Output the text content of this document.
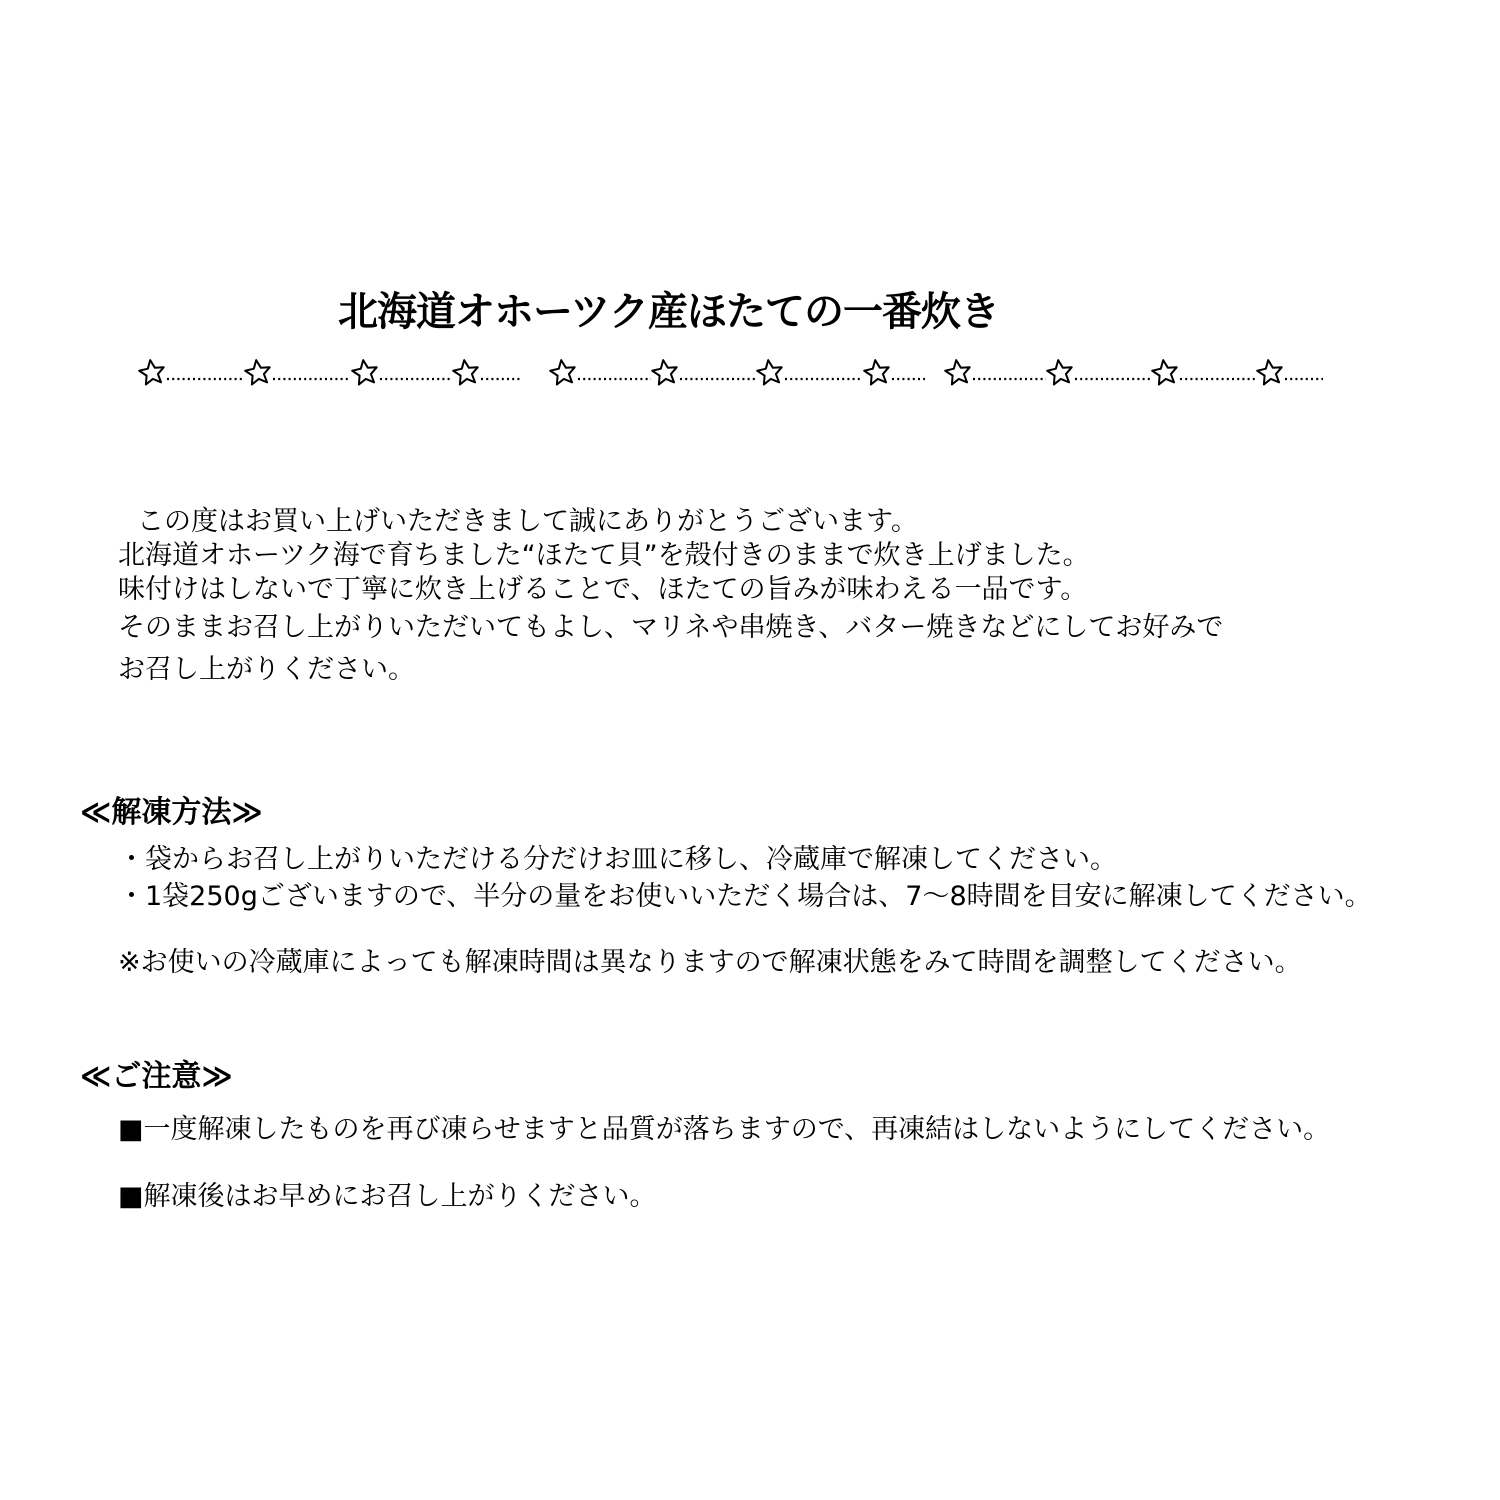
北海道オホーツク産ほたての一番炊き
この度はお買い上げいただきまして誠にありがとうございます。
北海道オホーツク海で育ちました“ほたて貝”を殻付きのままで炊き上げました。
味付けはしないで丁寧に炊き上げることで、ほたての旨みが味わえる一品です。
そのままお召し上がりいただいてもよし、マリネや串焼き、バター焼きなどにしてお好みで
お召し上がりください。
≪解凍方法≫
・袋からお召し上がりいただける分だけお皿に移し、冷蔵庫で解凍してください。
・1袋250gございますので、半分の量をお使いいただく場合は、7～8時間を目安に解凍してください。
※お使いの冷蔵庫によっても解凍時間は異なりますので解凍状態をみて時間を調整してください。
≪ご注意≫
■一度解凍したものを再び凍らせますと品質が落ちますので、再凍結はしないようにしてください。
■解凍後はお早めにお召し上がりください。
